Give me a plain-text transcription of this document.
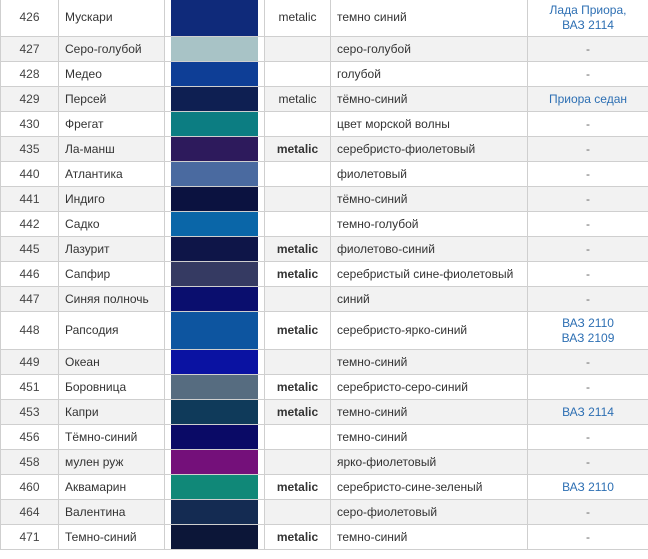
426	Мускари		metalic	темно синий	Лада Приора,
ВАЗ 2114

427	Серо-голубой			серо-голубой	-

428	Медео			голубой	-

429	Персей		metalic	тёмно-синий	Приора седан

430	Фрегат			цвет морской волны	-

435	Ла-манш		metalic	серебристо-фиолетовый	-

440	Атлантика			фиолетовый	-

441	Индиго			тёмно-синий	-

442	Садко			темно-голубой	-

445	Лазурит		metalic	фиолетово-синий	-

446	Сапфир		metalic	серебристый сине-фиолетовый	-

447	Синяя полночь			синий	-

448	Рапсодия		metalic	серебристо-ярко-синий	ВАЗ 2110
ВАЗ 2109

449	Океан			темно-синий	-

451	Боровница		metalic	серебристо-серо-синий	-

453	Капри		metalic	темно-синий	ВАЗ 2114

456	Тёмно-синий			темно-синий	-

458	мулен руж			ярко-фиолетовый	-

460	Аквамарин		metalic	серебристо-сине-зеленый	ВАЗ 2110

464	Валентина			серо-фиолетовый	-

471	Темно-синий		metalic	темно-синий	-
